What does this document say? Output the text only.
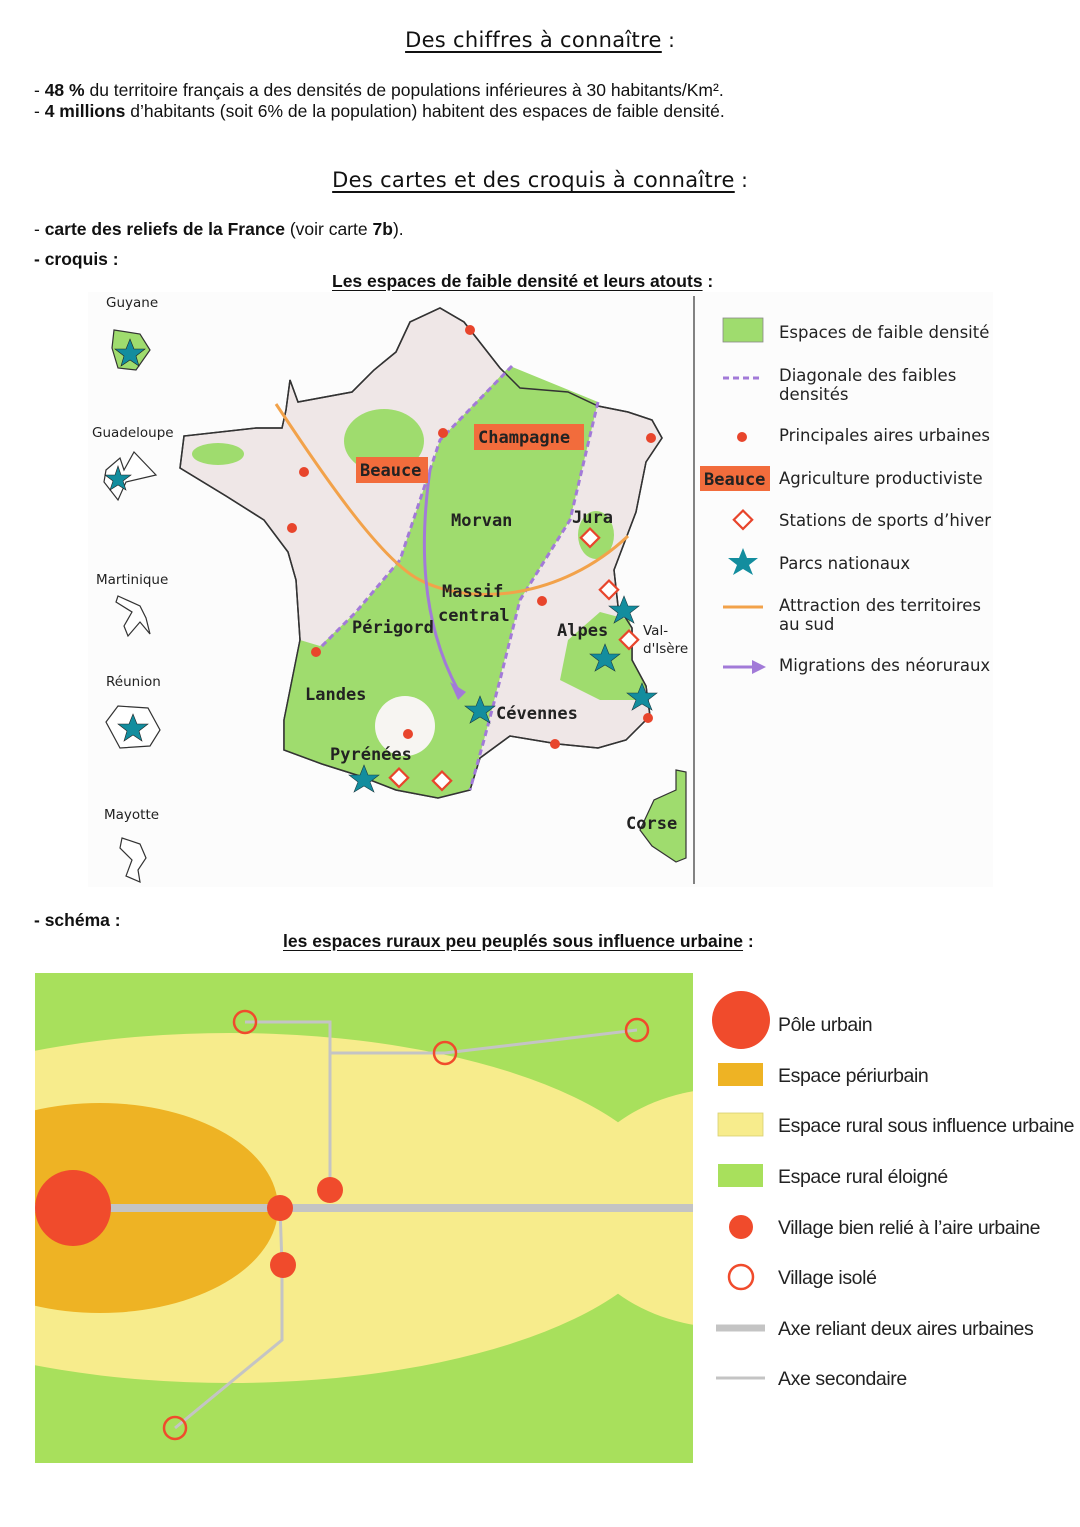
Des chiffres à connaître :
- 48 % du territoire français a des densités de populations inférieures à 30 habitants/Km².
- 4 millions d’habitants (soit 6% de la population) habitent des espaces de faible densité.
Des cartes et des croquis à connaître :
- carte des reliefs de la France (voir carte 7b).
- croquis :
Les espaces de faible densité et leurs atouts :
Guyane
Guadeloupe
Martinique
Réunion
Mayotte
Champagne
Beauce
Morvan	Jura
Massif
central
Périgord	Alpes	Val-
d'Isère
Landes
Cévennes
Pyrénées
Corse
Espaces de faible densité
Diagonale des faibles
densités
Principales aires urbaines
Beauce Agriculture productiviste
Stations de sports d’hiver
Parcs nationaux
Attraction des territoires
au sud
Migrations des néoruraux
- schéma :
les espaces ruraux peu peuplés sous influence urbaine :
Pôle urbain
Espace périurbain
Espace rural sous influence urbaine
Espace rural éloigné
Village bien relié à l’aire urbaine
Village isolé
Axe reliant deux aires urbaines
Axe secondaire
